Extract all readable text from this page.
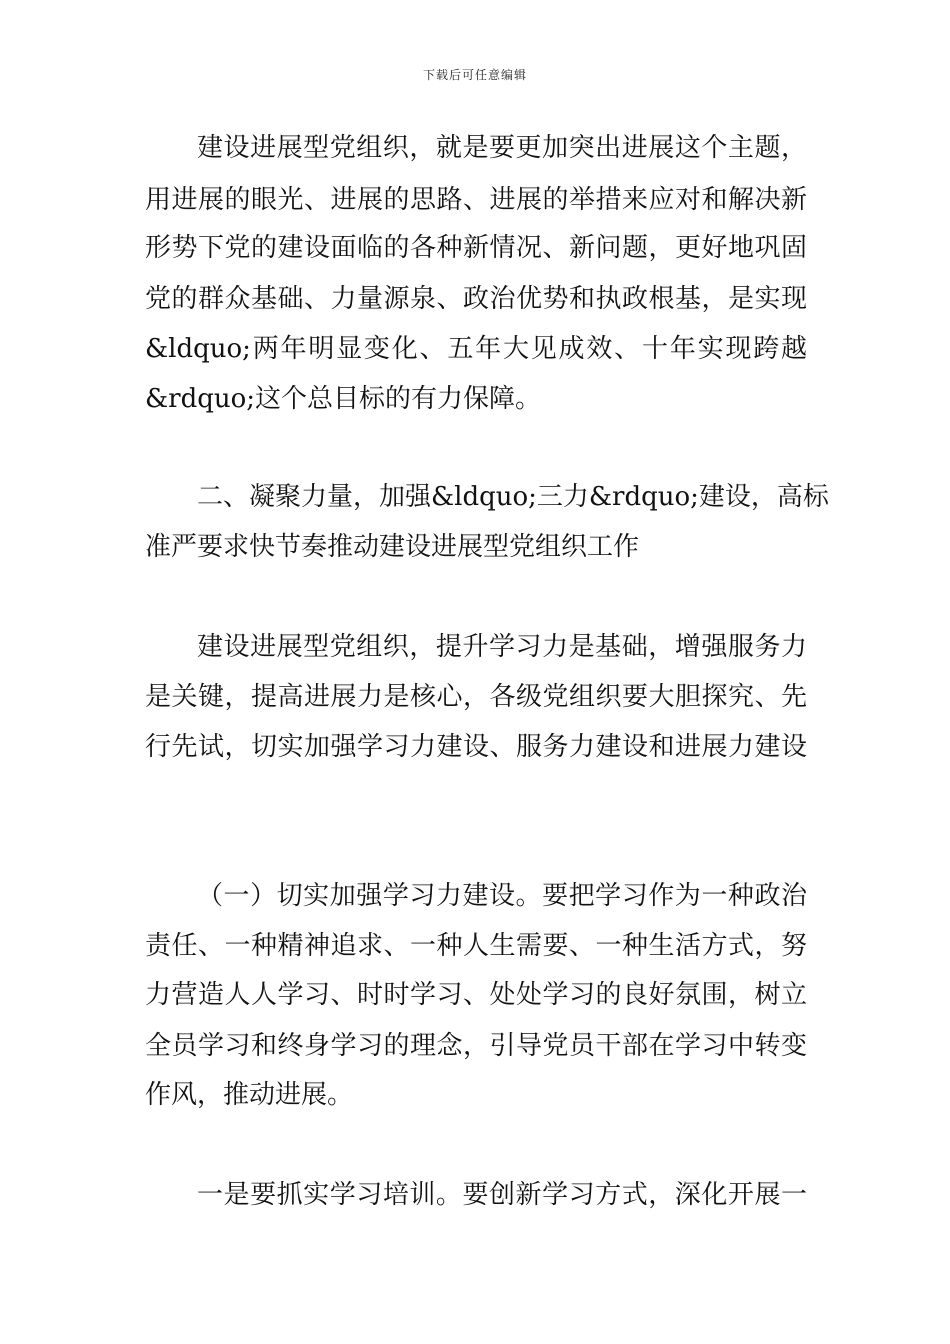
下载后可任意编辑
建设进展型党组织，就是要更加突出进展这个主题，
用进展的眼光、进展的思路、进展的举措来应对和解决新
形势下党的建设面临的各种新情况、新问题，更好地巩固
党的群众基础、力量源泉、政治优势和执政根基，是实现
&ldquo;两年明显变化、五年大见成效、十年实现跨越
&rdquo;这个总目标的有力保障。
二、凝聚力量，加强&ldquo;三力&rdquo;建设，高标
准严要求快节奏推动建设进展型党组织工作
建设进展型党组织，提升学习力是基础，增强服务力
是关键，提高进展力是核心，各级党组织要大胆探究、先
行先试，切实加强学习力建设、服务力建设和进展力建设
（一）切实加强学习力建设。要把学习作为一种政治
责任、一种精神追求、一种人生需要、一种生活方式，努
力营造人人学习、时时学习、处处学习的良好氛围，树立
全员学习和终身学习的理念，引导党员干部在学习中转变
作风，推动进展。
一是要抓实学习培训。要创新学习方式，深化开展一
